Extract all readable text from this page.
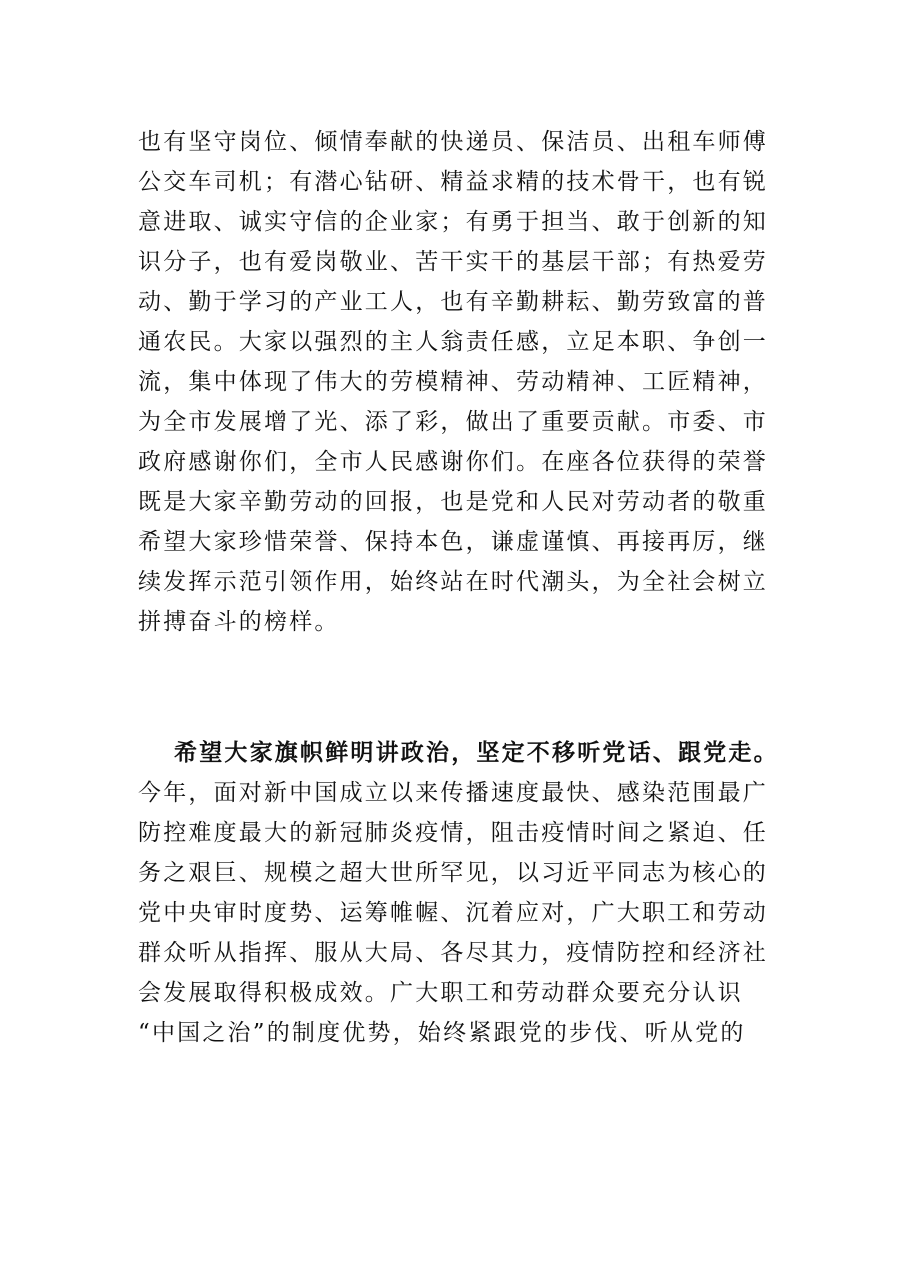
也有坚守岗位、倾情奉献的快递员、保洁员、出租车师傅
公交车司机；有潜心钻研、精益求精的技术骨干，也有锐
意进取、诚实守信的企业家；有勇于担当、敢于创新的知
识分子，也有爱岗敬业、苦干实干的基层干部；有热爱劳
动、勤于学习的产业工人，也有辛勤耕耘、勤劳致富的普
通农民。大家以强烈的主人翁责任感，立足本职、争创一
流，集中体现了伟大的劳模精神、劳动精神、工匠精神，
为全市发展增了光、添了彩，做出了重要贡献。市委、市
政府感谢你们，全市人民感谢你们。在座各位获得的荣誉
既是大家辛勤劳动的回报，也是党和人民对劳动者的敬重
希望大家珍惜荣誉、保持本色，谦虚谨慎、再接再厉，继
续发挥示范引领作用，始终站在时代潮头，为全社会树立
拼搏奋斗的榜样。
希望大家旗帜鲜明讲政治，坚定不移听党话、跟党走。
今年，面对新中国成立以来传播速度最快、感染范围最广
防控难度最大的新冠肺炎疫情，阻击疫情时间之紧迫、任
务之艰巨、规模之超大世所罕见，以习近平同志为核心的
党中央审时度势、运筹帷幄、沉着应对，广大职工和劳动
群众听从指挥、服从大局、各尽其力，疫情防控和经济社
会发展取得积极成效。广大职工和劳动群众要充分认识
“中国之治”的制度优势，始终紧跟党的步伐、听从党的
